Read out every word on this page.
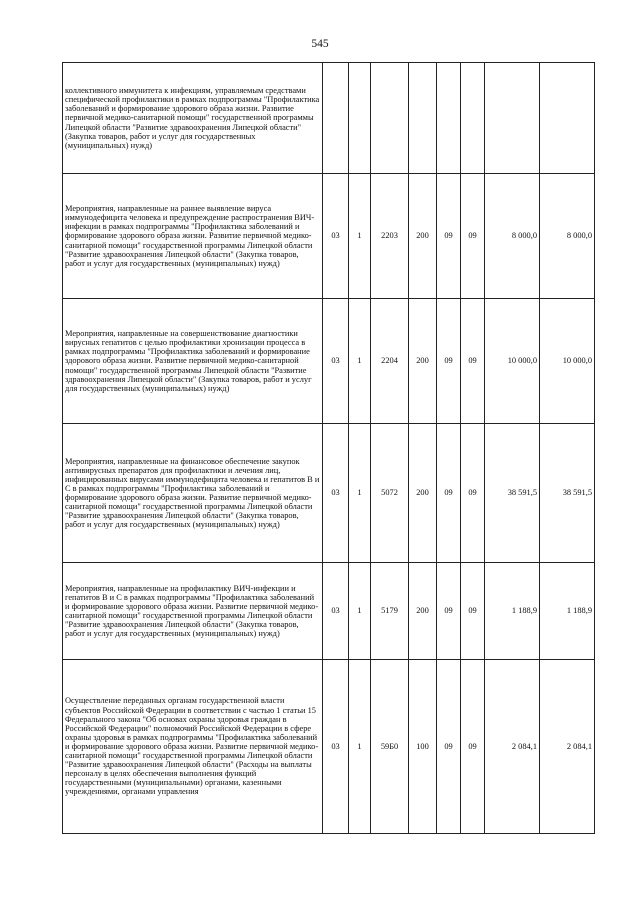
545
коллективного иммунитета к инфекциям, управляемым средствами специфической профилактики в рамках подпрограммы "Профилактика заболеваний и формирование здорового образа жизни. Развитие первичной медико-санитарной помощи" государственной программы Липецкой области "Развитие здравоохранения Липецкой области" (Закупка товаров, работ и услуг для государственных (муниципальных) нужд)								
Мероприятия, направленные на раннее выявление вируса иммунодефицита человека и предупреждение распространения ВИЧ-инфекции в рамках подпрограммы "Профилактика заболеваний и формирование здорового образа жизни. Развитие первичной медико-санитарной помощи" государственной программы Липецкой области "Развитие здравоохранения Липецкой области" (Закупка товаров, работ и услуг для государственных (муниципальных) нужд)	03	1	2203	200	09	09	8 000,0	8 000,0
Мероприятия, направленные на совершенствование диагностики вирусных гепатитов с целью профилактики хронизации процесса в рамках подпрограммы "Профилактика заболеваний и формирование здорового образа жизни. Развитие первичной медико-санитарной помощи" государственной программы Липецкой области "Развитие здравоохранения Липецкой области" (Закупка товаров, работ и услуг для государственных (муниципальных) нужд)	03	1	2204	200	09	09	10 000,0	10 000,0
Мероприятия, направленные на финансовое обеспечение закупок антивирусных препаратов для профилактики и лечения лиц, инфицированных вирусами иммунодефицита человека и гепатитов В и С в рамках подпрограммы "Профилактика заболеваний и формирование здорового образа жизни. Развитие первичной медико-санитарной помощи" государственной программы Липецкой области "Развитие здравоохранения Липецкой области" (Закупка товаров, работ и услуг для государственных (муниципальных) нужд)	03	1	5072	200	09	09	38 591,5	38 591,5
Мероприятия, направленные на профилактику ВИЧ-инфекции и гепатитов В и С в рамках подпрограммы "Профилактика заболеваний и формирование здорового образа жизни. Развитие первичной медико-санитарной помощи" государственной программы Липецкой области "Развитие здравоохранения Липецкой области" (Закупка товаров, работ и услуг для государственных (муниципальных) нужд)	03	1	5179	200	09	09	1 188,9	1 188,9
Осуществление переданных органам государственной власти субъектов Российской Федерации в соответствии с частью 1 статьи 15 Федерального закона "Об основах охраны здоровья граждан в Российской Федерации" полномочий Российской Федерации в сфере охраны здоровья в рамках подпрограммы "Профилактика заболеваний и формирование здорового образа жизни. Развитие первичной медико-санитарной помощи" государственной программы Липецкой области "Развитие здравоохранения Липецкой области" (Расходы на выплаты персоналу в целях обеспечения выполнения функций государственными (муниципальными) органами, казенными учреждениями, органами управления	03	1	59Б0	100	09	09	2 084,1	2 084,1
